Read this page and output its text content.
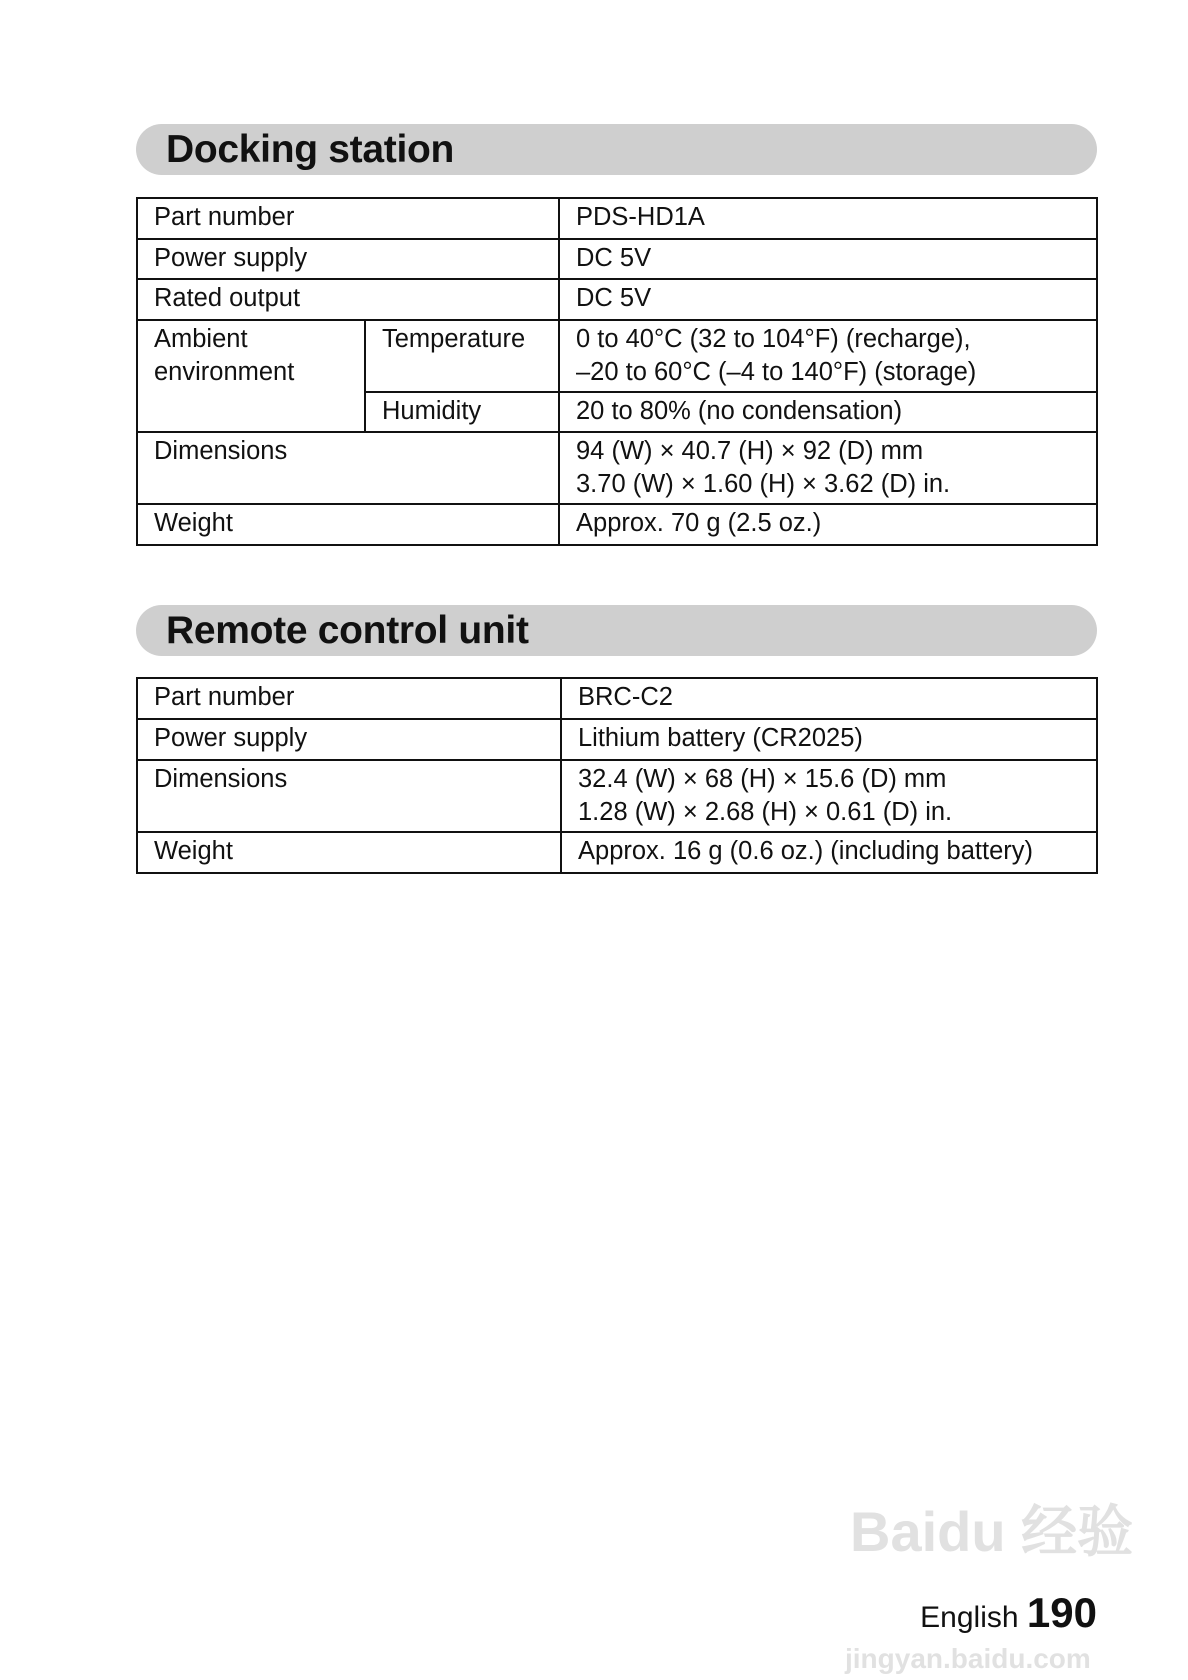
Docking station
Part number		PDS-HD1A
Power supply		DC 5V
Rated output		DC 5V

Ambient environment	Temperature	0 to 40°C (32 to 104°F) (recharge),
–20 to 60°C (–4 to 140°F) (storage)

	Humidity	20 to 80% (no condensation)
Dimensions		94 (W) × 40.7 (H) × 92 (D) mm
3.70 (W) × 1.60 (H) × 3.62 (D) in.

Weight		Approx. 70 g (2.5 oz.)
Remote control unit
Part number	BRC-C2
Power supply	Lithium battery (CR2025)
Dimensions	32.4 (W) × 68 (H) × 15.6 (D) mm
1.28 (W) × 2.68 (H) × 0.61 (D) in.

Weight	Approx. 16 g (0.6 oz.) (including battery)
Baidu 经验
English 190
jingyan.baidu.com
